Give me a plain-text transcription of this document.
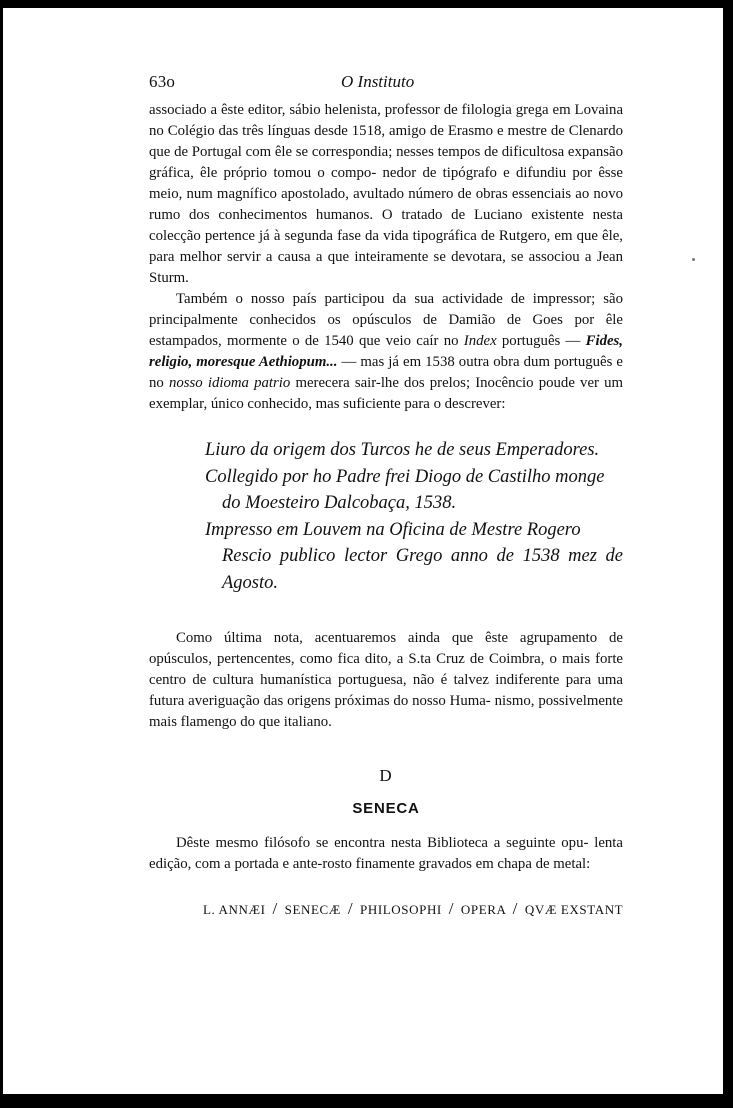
63o	O Instituto

associado a êste editor, sábio helenista, professor de filologia grega em Lovaina no Colégio das três línguas desde 1518, amigo de Erasmo e mestre de Clenardo que de Portugal com êle se correspondia; nesses tempos de dificultosa expansão gráfica, êle próprio tomou o compo- nedor de tipógrafo e difundiu por êsse meio, num magnífico apostolado, avultado número de obras essenciais ao novo rumo dos conhecimentos humanos. O tratado de Luciano existente nesta colecção pertence já à segunda fase da vida tipográfica de Rutgero, em que êle, para melhor servir a causa a que inteiramente se devotara, se associou a Jean Sturm.

Também o nosso país participou da sua actividade de impressor; são principalmente conhecidos os opúsculos de Damião de Goes por êle estampados, mormente o de 1540 que veio caír no Index português — Fides, religio, moresque Aethiopum... — mas já em 1538 outra obra dum português e no nosso idioma patrio merecera sair-lhe dos prelos; Inocêncio poude ver um exemplar, único conhecido, mas suficiente para o descrever:

Liuro da origem dos Turcos he de seus Emperadores.
Collegido por ho Padre frei Diogo de Castilho monge
do Moesteiro Dalcobaça, 1538.
Impresso em Louvem na Oficina de Mestre Rogero
Rescio publico lector Grego anno de 1538 mez de
Agosto.

Como última nota, acentuaremos ainda que êste agrupamento de opúsculos, pertencentes, como fica dito, a S.ta Cruz de Coimbra, o mais forte centro de cultura humanística portuguesa, não é talvez indiferente para uma futura averiguação das origens próximas do nosso Huma- nismo, possivelmente mais flamengo do que italiano.

D
SENECA

Dêste mesmo filósofo se encontra nesta Biblioteca a seguinte opu- lenta edição, com a portada e ante-rosto finamente gravados em chapa de metal:

L. ANNÆI / SENECÆ / PHILOSOPHI / OPERA / QVÆ EXSTANT
